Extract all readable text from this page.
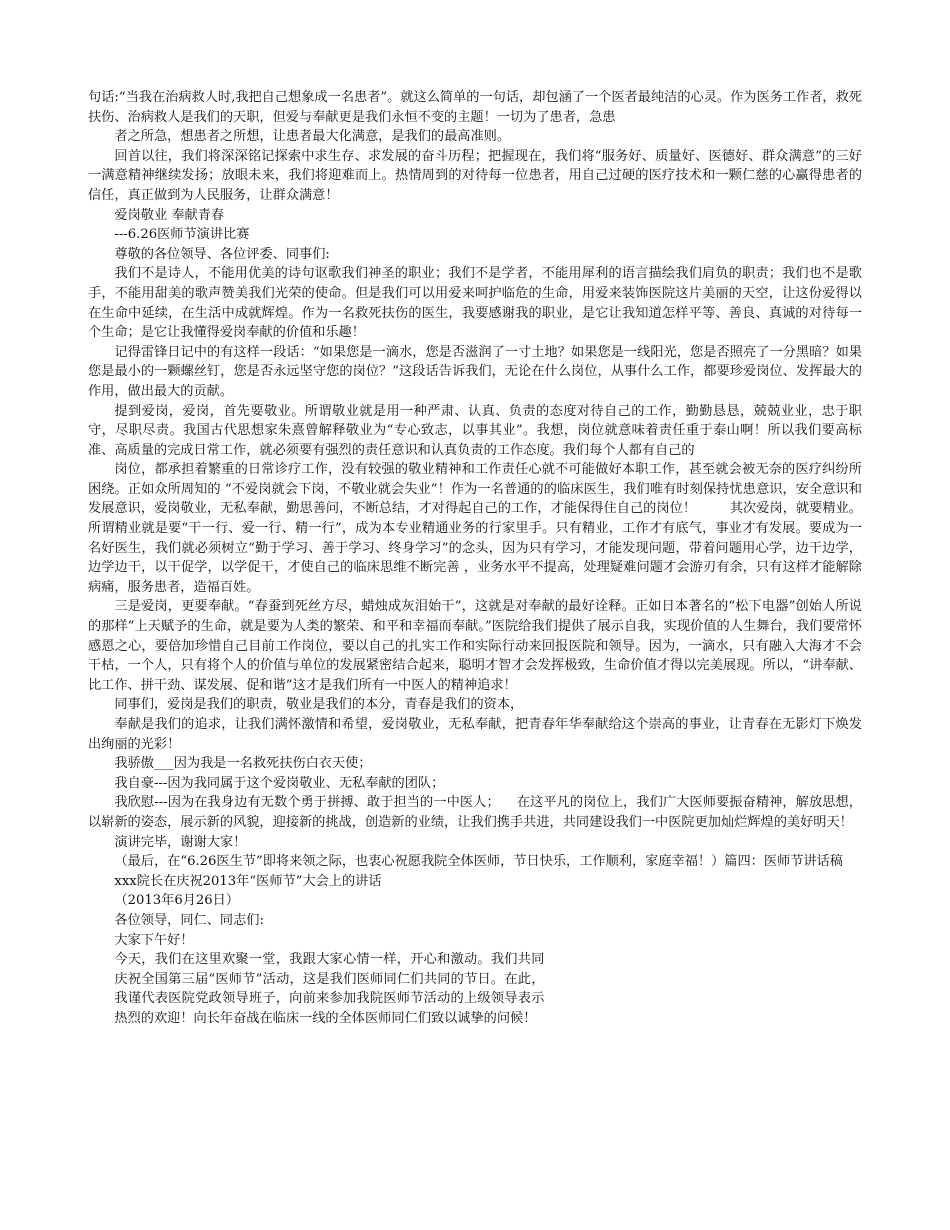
句话:“当我在治病救人时,我把自己想象成一名患者”。就这么简单的一句话，却包涵了一个医者最纯洁的心灵。作为医务工作者，救死扶伤、治病救人是我们的天职，但爱与奉献更是我们永恒不变的主题！一切为了患者，急患
者之所急，想患者之所想，让患者最大化满意，是我们的最高准则。
回首以往，我们将深深铭记探索中求生存、求发展的奋斗历程；把握现在，我们将“服务好、质量好、医德好、群众满意”的三好一满意精神继续发扬；放眼未来，我们将迎难而上。热情周到的对待每一位患者，用自己过硬的医疗技术和一颗仁慈的心赢得患者的信任，真正做到为人民服务，让群众满意！
爱岗敬业 奉献青春
---6.26医师节演讲比赛
尊敬的各位领导、各位评委、同事们:
我们不是诗人，不能用优美的诗句讴歌我们神圣的职业；我们不是学者，不能用犀利的语言描绘我们肩负的职责；我们也不是歌手，不能用甜美的歌声赞美我们光荣的使命。但是我们可以用爱来呵护临危的生命，用爱来装饰医院这片美丽的天空，让这份爱得以在生命中延续，在生活中成就辉煌。作为一名救死扶伤的医生，我要感谢我的职业，是它让我知道怎样平等、善良、真诚的对待每一个生命；是它让我懂得爱岗奉献的价值和乐趣！
记得雷锋日记中的有这样一段话：“如果您是一滴水，您是否滋润了一寸土地？如果您是一线阳光，您是否照亮了一分黑暗？如果您是最小的一颗螺丝钉，您是否永远坚守您的岗位？”这段话告诉我们，无论在什么岗位，从事什么工作，都要珍爱岗位、发挥最大的作用，做出最大的贡献。
提到爱岗，爱岗，首先要敬业。所谓敬业就是用一种严肃、认真、负责的态度对待自己的工作，勤勤恳恳，兢兢业业，忠于职守，尽职尽责。我国古代思想家朱熹曾解释敬业为“专心致志，以事其业”。我想，岗位就意味着责任重于泰山啊！所以我们要高标准、高质量的完成日常工作，就必须要有强烈的责任意识和认真负责的工作态度。我们每个人都有自己的
岗位，都承担着繁重的日常诊疗工作，没有较强的敬业精神和工作责任心就不可能做好本职工作，甚至就会被无奈的医疗纠纷所困绕。正如众所周知的 “不爱岗就会下岗，不敬业就会失业”！作为一名普通的的临床医生，我们唯有时刻保持忧患意识，安全意识和发展意识，爱岗敬业，无私奉献，勤思善问，不断总结，才对得起自己的工作，才能保得住自己的岗位！        其次爱岗，就要精业。所谓精业就是要“干一行、爱一行、精一行”，成为本专业精通业务的行家里手。只有精业，工作才有底气，事业才有发展。要成为一名好医生，我们就必须树立“勤于学习、善于学习、终身学习”的念头，因为只有学习，才能发现问题，带着问题用心学，边干边学，边学边干，以干促学，以学促干，才使自己的临床思维不断完善 ，业务水平不提高，处理疑难问题才会游刃有余，只有这样才能解除病痛，服务患者，造福百姓。
三是爱岗，更要奉献。“春蚕到死丝方尽，蜡烛成灰泪始干”，这就是对奉献的最好诠释。正如日本著名的“松下电器”创始人所说的那样“上天赋予的生命，就是要为人类的繁荣、和平和幸福而奉献。”医院给我们提供了展示自我，实现价值的人生舞台，我们要常怀感恩之心，要倍加珍惜自己目前工作岗位，要以自己的扎实工作和实际行动来回报医院和领导。因为，一滴水，只有融入大海才不会干枯，一个人，只有将个人的价值与单位的发展紧密结合起来，聪明才智才会发挥极致，生命价值才得以完美展现。所以，“讲奉献、比工作、拼干劲、谋发展、促和谐”这才是我们所有一中医人的精神追求！
同事们，爱岗是我们的职责，敬业是我们的本分，青春是我们的资本，
奉献是我们的追求，让我们满怀激情和希望，爱岗敬业，无私奉献，把青春年华奉献给这个崇高的事业，让青春在无影灯下焕发出绚丽的光彩！
我骄傲___因为我是一名救死扶伤白衣天使；
我自豪---因为我同属于这个爱岗敬业、无私奉献的团队；
我欣慰---因为在我身边有无数个勇于拼搏、敢于担当的一中医人；    在这平凡的岗位上，我们广大医师要振奋精神，解放思想，以崭新的姿态，展示新的风貌，迎接新的挑战，创造新的业绩，让我们携手共进，共同建设我们一中医院更加灿烂辉煌的美好明天！
演讲完毕，谢谢大家！
（最后，在“6.26医生节”即将来领之际，也衷心祝愿我院全体医师，节日快乐，工作顺利，家庭幸福！）篇四：医师节讲话稿
xxx院长在庆祝2013年“医师节”大会上的讲话
（2013年6月26日）
各位领导，同仁、同志们:
大家下午好！
今天，我们在这里欢聚一堂，我跟大家心情一样，开心和激动。我们共同庆祝全国第三届“医师节”活动，这是我们医师同仁们共同的节日。在此，我谨代表医院党政领导班子，向前来参加我院医师节活动的上级领导表示热烈的欢迎！向长年奋战在临床一线的全体医师同仁们致以诚挚的问候！
